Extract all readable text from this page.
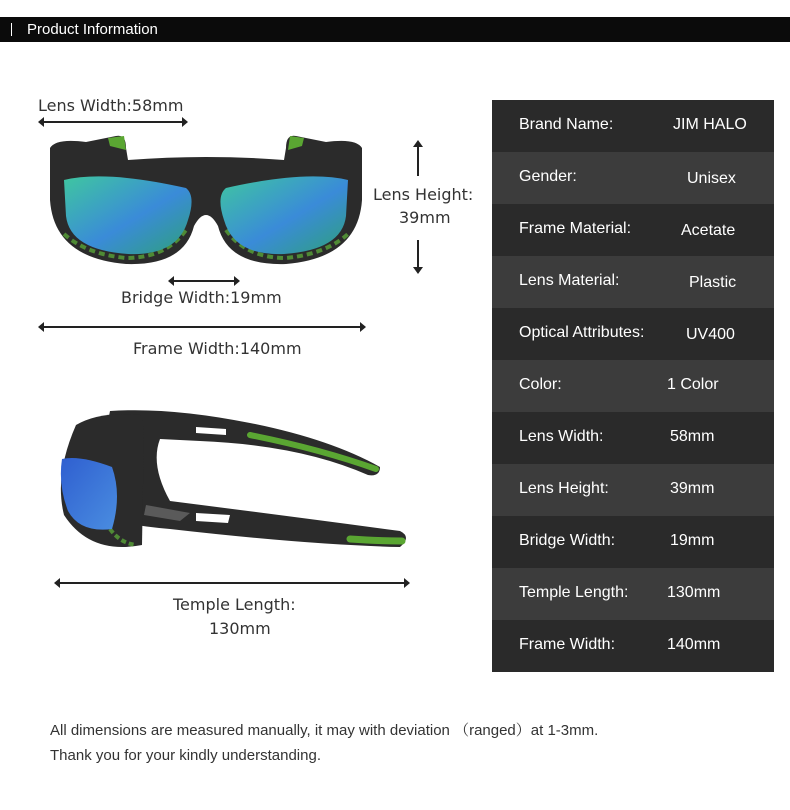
Product Information
Lens Width:58mm
Lens Height:
39mm
Bridge Width:19mm
Frame Width:140mm
Temple Length:
130mm
Brand Name:	JIM HALO
Gender:	Unisex
Frame Material:	Acetate
Lens Material:	Plastic
Optical Attributes:	UV400
Color:	1 Color
Lens Width:	58mm
Lens Height:	39mm
Bridge Width:	19mm
Temple Length: 130mm
Frame Width:	140mm
All dimensions are measured manually, it may with deviation （ranged）at 1-3mm.
Thank you for your kindly understanding.
